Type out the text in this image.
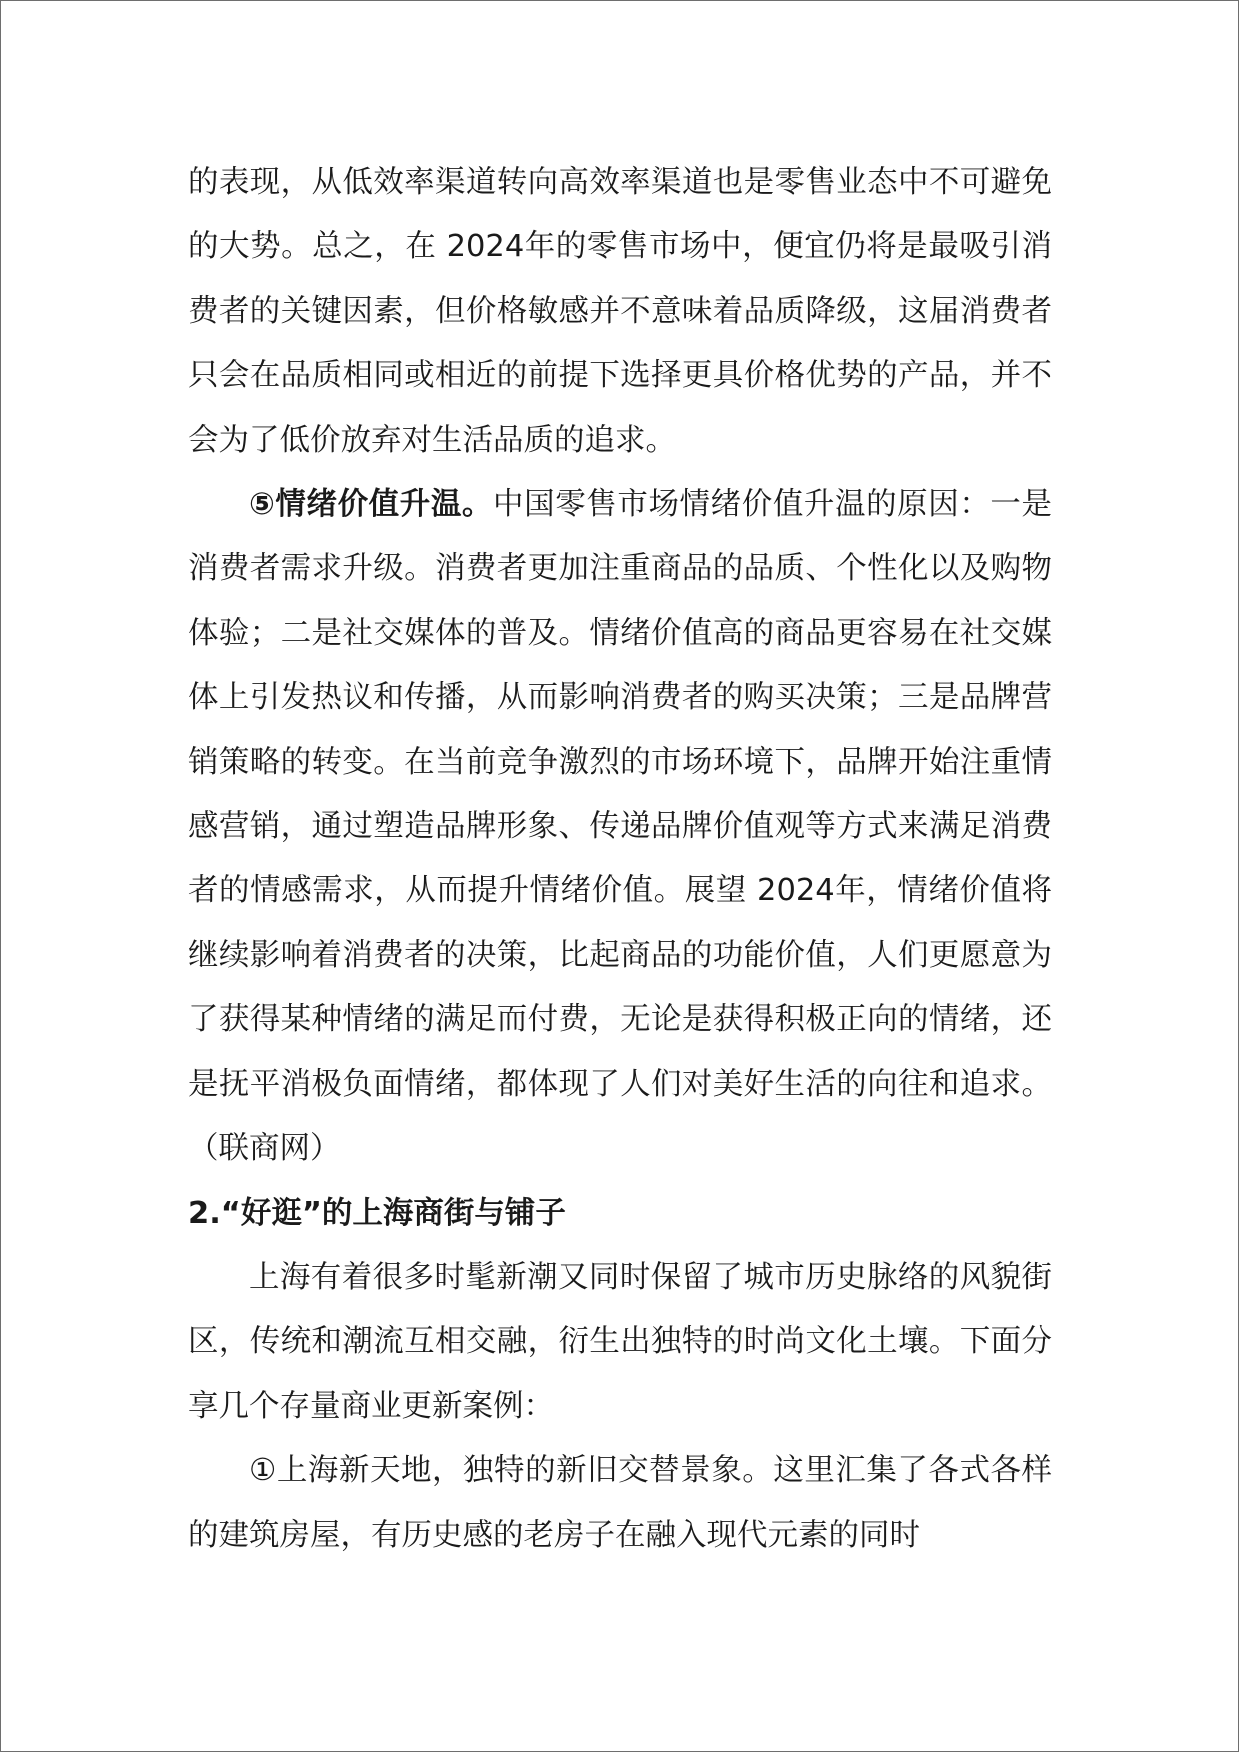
的表现，从低效率渠道转向高效率渠道也是零售业态中不可避免的大势。总之，在 2024年的零售市场中，便宜仍将是最吸引消费者的关键因素，但价格敏感并不意味着品质降级，这届消费者只会在品质相同或相近的前提下选择更具价格优势的产品，并不会为了低价放弃对生活品质的追求。

⑤情绪价值升温。中国零售市场情绪价值升温的原因：一是消费者需求升级。消费者更加注重商品的品质、个性化以及购物体验；二是社交媒体的普及。情绪价值高的商品更容易在社交媒体上引发热议和传播，从而影响消费者的购买决策；三是品牌营销策略的转变。在当前竞争激烈的市场环境下，品牌开始注重情感营销，通过塑造品牌形象、传递品牌价值观等方式来满足消费者的情感需求，从而提升情绪价值。展望 2024年，情绪价值将继续影响着消费者的决策，比起商品的功能价值，人们更愿意为了获得某种情绪的满足而付费，无论是获得积极正向的情绪，还是抚平消极负面情绪，都体现了人们对美好生活的向往和追求。（联商网）

2.“好逛”的上海商街与铺子

上海有着很多时髦新潮又同时保留了城市历史脉络的风貌街区，传统和潮流互相交融，衍生出独特的时尚文化土壤。下面分享几个存量商业更新案例：

①上海新天地，独特的新旧交替景象。这里汇集了各式各样的建筑房屋，有历史感的老房子在融入现代元素的同时
